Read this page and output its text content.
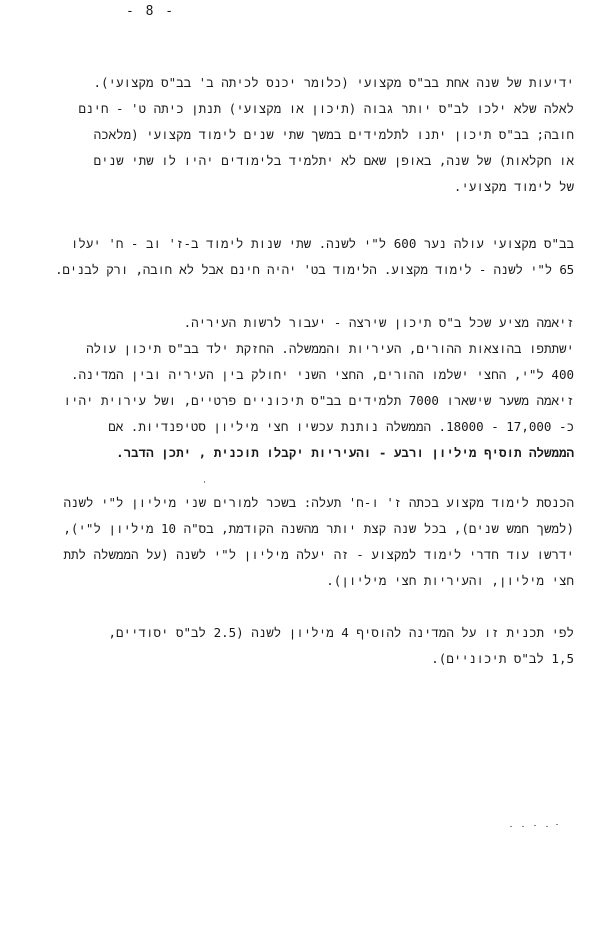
- 8 -
ידיעות של שנה אחת בב"ס מקצועי (כלומר יכנס לכיתה ב' בב"ס מקצועי).
לאלה שלא ילכו לב"ס יותר גבוה (תיכון או מקצועי) תנתן כיתה ט' - חינם
חובה; בב"ס תיכון יתנו לתלמידים במשך שתי שנים לימוד מקצועי (מלאכה
או חקלאות) של שנה, באופן שאם לא יתלמיד בלימודים יהיו לו שתי שנים
של לימוד מקצועי.
בב"ס מקצועי עולה נער 600 ל"י לשנה. שתי שנות לימוד ב-ז' וב - ח' יעלו
65 ל"י לשנה - לימוד מקצוע. הלימוד בט' יהיה חינם אבל לא חובה, ורק לבנים.
זיאמה מציע שכל ב"ס תיכון שירצה - יעבור לרשות העיריה.
ישתתפו בהוצאות ההורים, העיריות והממשלה. החזקת ילד בב"ס תיכון עולה
400 ל"י, החצי ישלמו ההורים, החצי השני יחולק בין העיריה ובין המדינה.
זיאמה משער שישארו 7000 תלמידים בב"ס תיכוניים פרטיים, ושל עירוית יהיו
כ- 17,000 - 18000. הממשלה נותנת עכשיו חצי מיליון סטיפנדיות. אם
הממשלה תוסיף מיליון ורבע - והעיריות יקבלו תוכנית , יתכן הדבר.
הכנסת לימוד מקצוע בכתה ז' ו-ח' תעלה: בשכר למורים שני מיליון ל"י לשנה
(למשך חמש שנים), בכל שנה קצת יותר מהשנה הקודמת, בס"ה 10 מיליון ל"י),
ידרשו עוד חדרי לימוד למקצוע - זה יעלה מיליון ל"י לשנה (על הממשלה לתת
חצי מיליון, והעיריות חצי מיליון).
לפי תכנית זו על המדינה להוסיף 4 מיליון לשנה (2.5 לב"ס יסודיים,
1,5 לב"ס תיכוניים).
